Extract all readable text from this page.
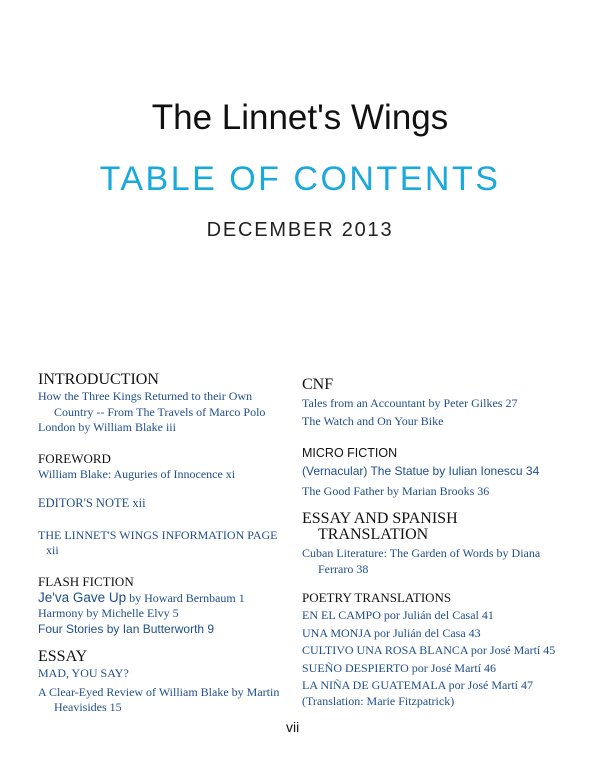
The Linnet's Wings
TABLE OF CONTENTS
DECEMBER 2013
INTRODUCTION
How the Three Kings Returned to their Own Country -- From The Travels of Marco Polo
London by William Blake iii
FOREWORD
William Blake: Auguries of Innocence xi
EDITOR'S NOTE xii
THE LINNET'S WINGS INFORMATION PAGE xii
FLASH FICTION
Je'va Gave Up by Howard Bernbaum 1
Harmony by Michelle Elvy 5
Four Stories by Ian Butterworth 9
ESSAY
MAD, YOU SAY?
A Clear-Eyed Review of William Blake by Martin Heavisides 15
CNF
Tales from an Accountant by Peter Gilkes 27
The Watch and On Your Bike
MICRO FICTION
(Vernacular) The Statue by Iulian Ionescu 34
The Good Father by Marian Brooks 36
ESSAY AND SPANISH TRANSLATION
Cuban Literature: The Garden of Words by Diana Ferraro 38
POETRY TRANSLATIONS
EN EL CAMPO por Julián del Casal 41
UNA MONJA por Julián del Casa 43
CULTIVO UNA ROSA BLANCA por José Martí 45
SUEÑO DESPIERTO por José Martí 46
LA NIÑA DE GUATEMALA por José Martí 47 (Translation: Marie Fitzpatrick)
vii
